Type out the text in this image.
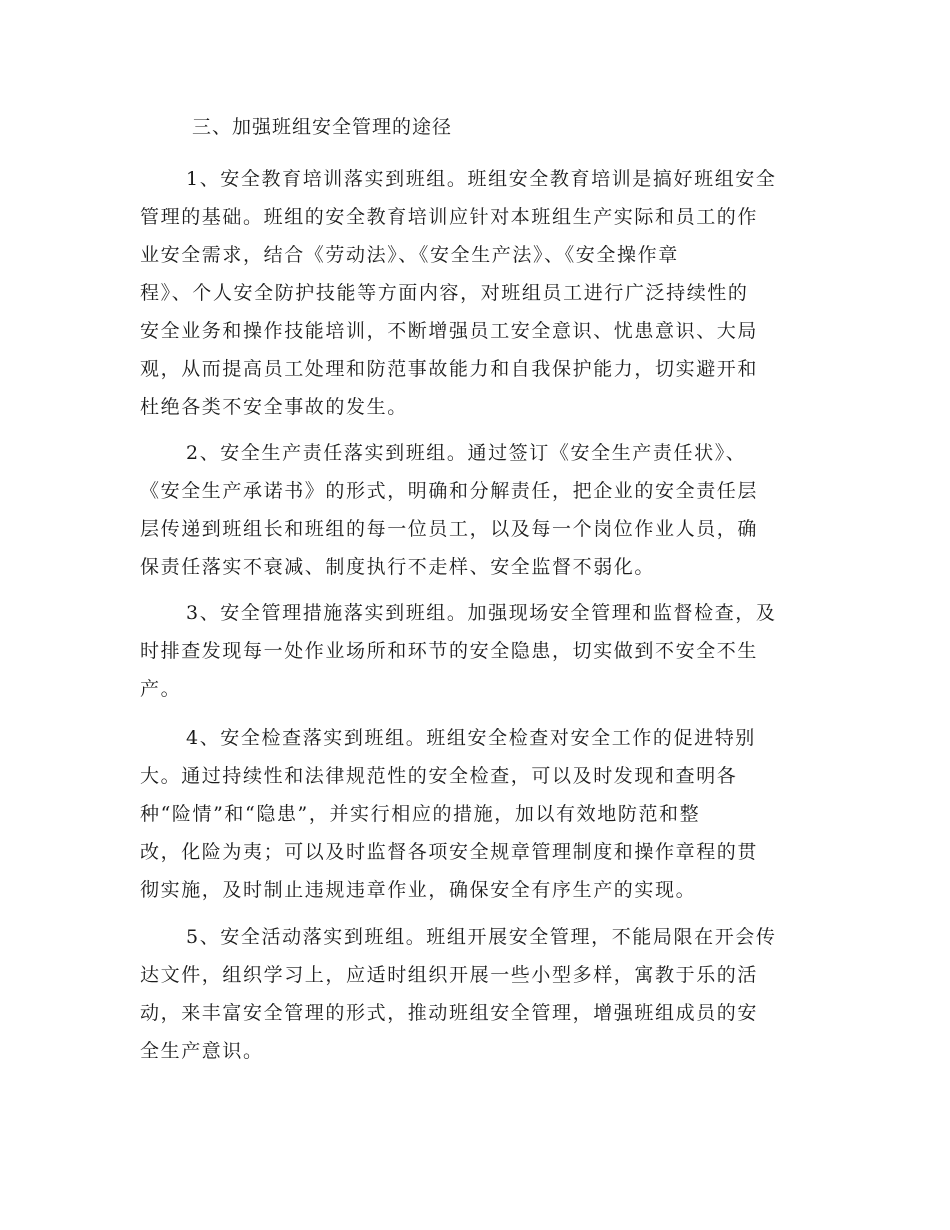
三、加强班组安全管理的途径
1、安全教育培训落实到班组。班组安全教育培训是搞好班组安全
管理的基础。班组的安全教育培训应针对本班组生产实际和员工的作
业安全需求，结合《劳动法》、《安全生产法》、《安全操作章
程》、个人安全防护技能等方面内容，对班组员工进行广泛持续性的
安全业务和操作技能培训，不断增强员工安全意识、忧患意识、大局
观，从而提高员工处理和防范事故能力和自我保护能力，切实避开和
杜绝各类不安全事故的发生。
2、安全生产责任落实到班组。通过签订《安全生产责任状》、
《安全生产承诺书》的形式，明确和分解责任，把企业的安全责任层
层传递到班组长和班组的每一位员工，以及每一个岗位作业人员，确
保责任落实不衰减、制度执行不走样、安全监督不弱化。
3、安全管理措施落实到班组。加强现场安全管理和监督检查，及
时排查发现每一处作业场所和环节的安全隐患，切实做到不安全不生
产。
4、安全检查落实到班组。班组安全检查对安全工作的促进特别
大。通过持续性和法律规范性的安全检查，可以及时发现和查明各
种“险情”和“隐患”，并实行相应的措施，加以有效地防范和整
改，化险为夷；可以及时监督各项安全规章管理制度和操作章程的贯
彻实施，及时制止违规违章作业，确保安全有序生产的实现。
5、安全活动落实到班组。班组开展安全管理，不能局限在开会传
达文件，组织学习上，应适时组织开展一些小型多样，寓教于乐的活
动，来丰富安全管理的形式，推动班组安全管理，增强班组成员的安
全生产意识。
